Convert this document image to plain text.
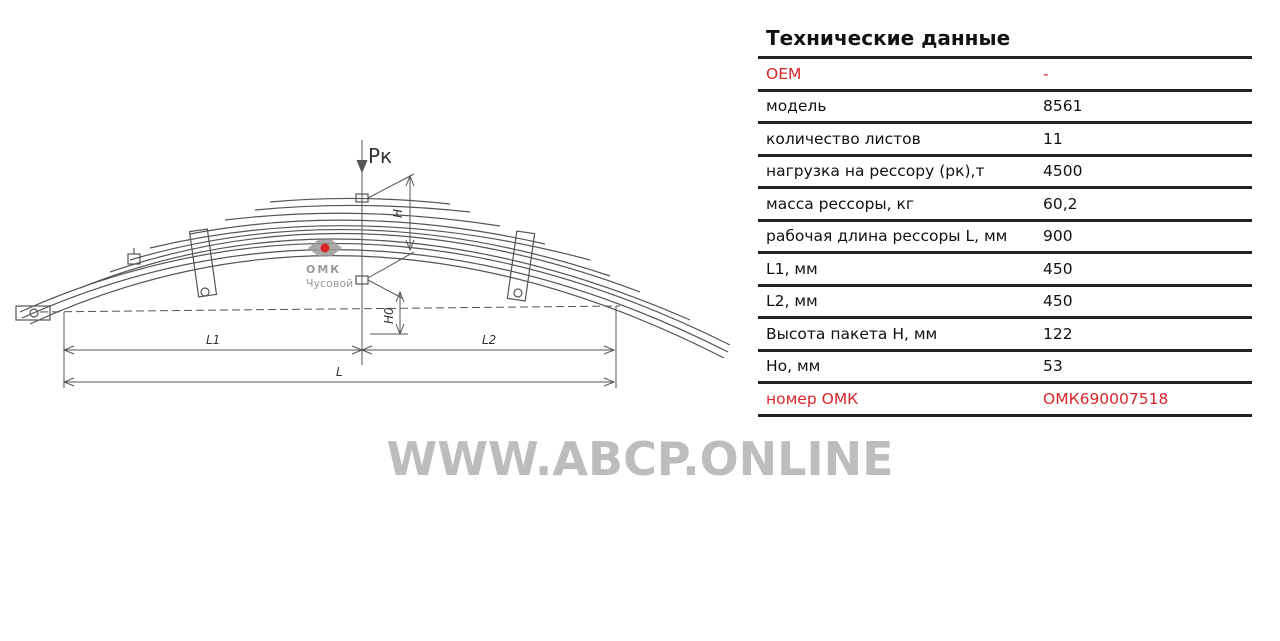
Рк
H
H0
L1	L2
L
ОМК
Чусовой
Технические данные
OEM	-
модель	8561
количество листов	11
нагрузка на рессору (рк),т	4500
масса рессоры, кг	60,2
рабочая длина рессоры L, мм	900
L1, мм	450
L2, мм	450
Высота пакета H, мм	122
Hо, мм	53
номер ОМК	ОМК690007518
WWW.ABCP.ONLINE
